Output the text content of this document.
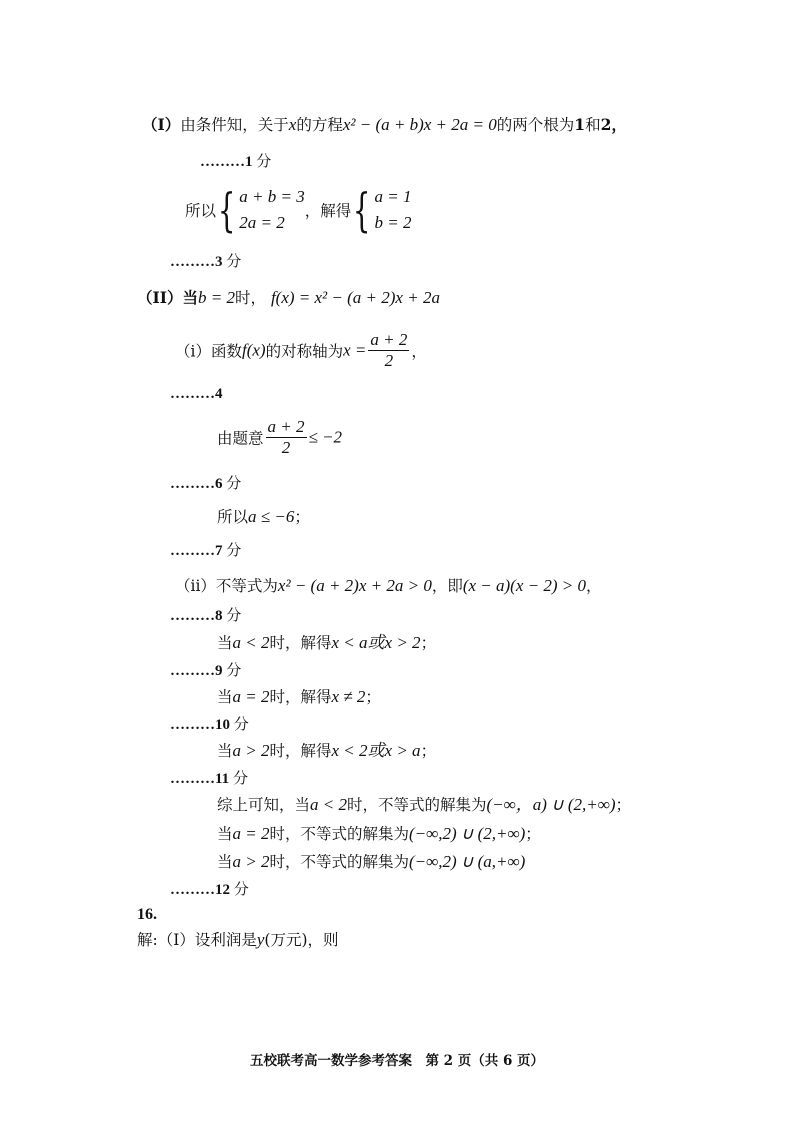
（I）由条件知，关于x的方程x² − (a + b)x + 2a = 0的两个根为1和2，
………1 分
所以 { a + b = 3
2a = 2
，解得 { a = 1
b = 2
………3 分
（II）当b = 2时， f(x) = x² − (a + 2)x + 2a
（i）函数f(x)的对称轴为$x = \frac{a + 2}{2}$ ，
………4
由题意 $\frac{a + 2}{2} \le -2$
………6 分
所以a ≤ −6；
………7 分
（ii）不等式为x² − (a + 2)x + 2a > 0，即(x − a)(x − 2) > 0，
………8 分
当a < 2时，解得x < a或x > 2；
………9 分
当a = 2时，解得x ≠ 2；
………10 分
当a > 2时，解得x < 2或x > a；
………11 分
综上可知，当a < 2时，不等式的解集为(−∞，a) ∪ (2,+∞)；
当a = 2时，不等式的解集为(−∞,2) ∪ (2,+∞)；
当a > 2时，不等式的解集为(−∞,2) ∪ (a,+∞)
………12 分
16.
解:（I）设利润是y(万元)，则
五校联考高一数学参考答案　第 2 页（共 6 页）
